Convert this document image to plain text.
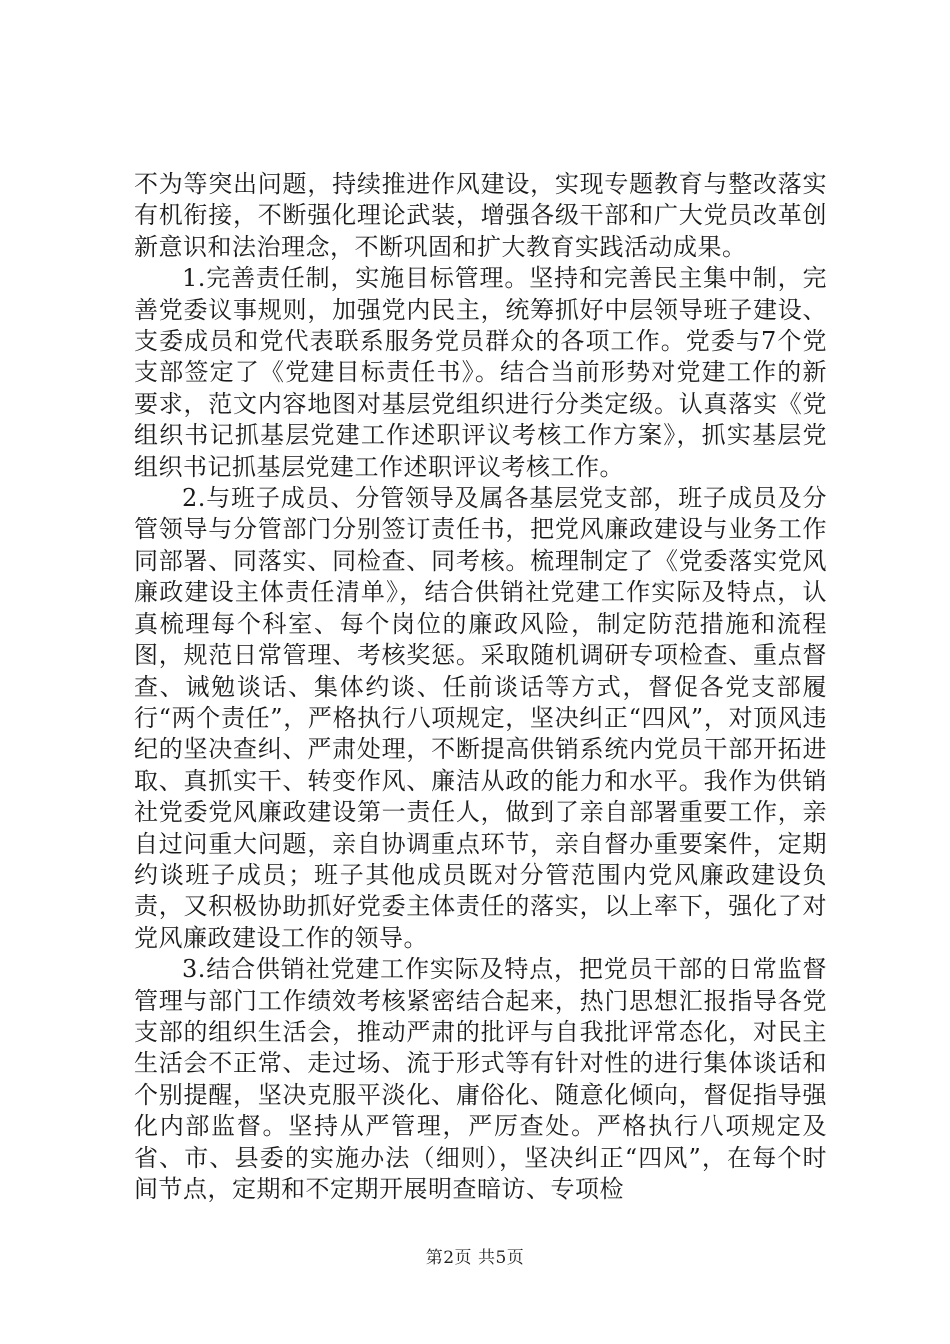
不为等突出问题，持续推进作风建设，实现专题教育与整改落实有机衔接，不断强化理论武装，增强各级干部和广大党员改革创新意识和法治理念，不断巩固和扩大教育实践活动成果。

1.完善责任制，实施目标管理。坚持和完善民主集中制，完善党委议事规则，加强党内民主，统筹抓好中层领导班子建设、支委成员和党代表联系服务党员群众的各项工作。党委与7个党支部签定了《党建目标责任书》。结合当前形势对党建工作的新要求，范文内容地图对基层党组织进行分类定级。认真落实《党组织书记抓基层党建工作述职评议考核工作方案》，抓实基层党组织书记抓基层党建工作述职评议考核工作。

2.与班子成员、分管领导及属各基层党支部，班子成员及分管领导与分管部门分别签订责任书，把党风廉政建设与业务工作同部署、同落实、同检查、同考核。梳理制定了《党委落实党风廉政建设主体责任清单》，结合供销社党建工作实际及特点，认真梳理每个科室、每个岗位的廉政风险，制定防范措施和流程图，规范日常管理、考核奖惩。采取随机调研专项检查、重点督查、诫勉谈话、集体约谈、任前谈话等方式，督促各党支部履行“两个责任”，严格执行八项规定，坚决纠正“四风”，对顶风违纪的坚决查纠、严肃处理，不断提高供销系统内党员干部开拓进取、真抓实干、转变作风、廉洁从政的能力和水平。我作为供销社党委党风廉政建设第一责任人，做到了亲自部署重要工作，亲自过问重大问题，亲自协调重点环节，亲自督办重要案件，定期约谈班子成员；班子其他成员既对分管范围内党风廉政建设负责，又积极协助抓好党委主体责任的落实，以上率下，强化了对党风廉政建设工作的领导。

3.结合供销社党建工作实际及特点，把党员干部的日常监督管理与部门工作绩效考核紧密结合起来，热门思想汇报指导各党支部的组织生活会，推动严肃的批评与自我批评常态化，对民主生活会不正常、走过场、流于形式等有针对性的进行集体谈话和个别提醒，坚决克服平淡化、庸俗化、随意化倾向，督促指导强化内部监督。坚持从严管理，严厉查处。严格执行八项规定及省、市、县委的实施办法（细则），坚决纠正“四风”，在每个时间节点，定期和不定期开展明查暗访、专项检

第2页 共5页
